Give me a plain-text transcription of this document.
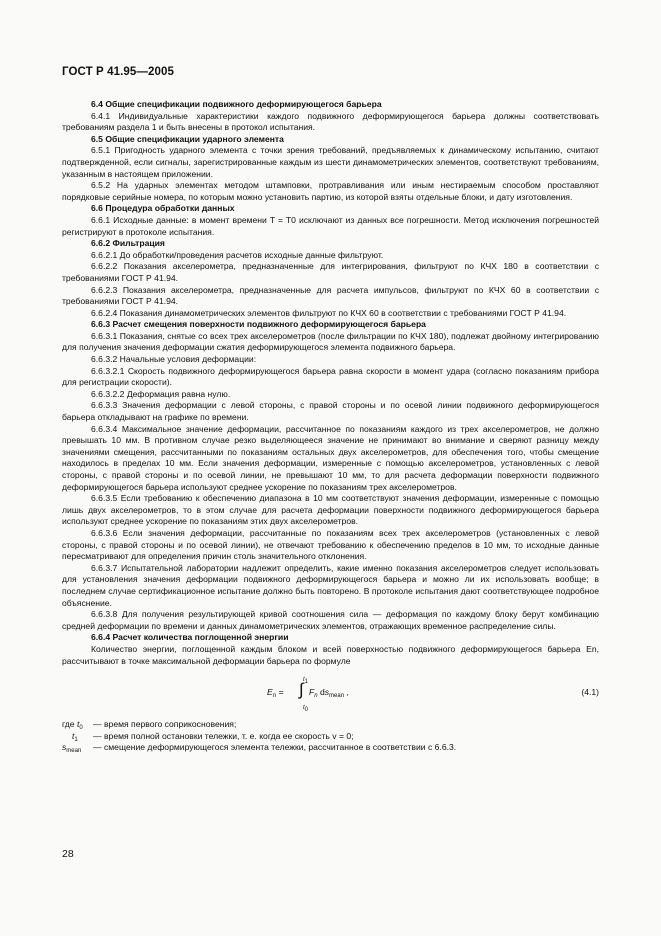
ГОСТ Р 41.95—2005

6.4 Общие спецификации подвижного деформирующегося барьера

6.4.1 Индивидуальные характеристики каждого подвижного деформирующегося барьера должны соответствовать требованиям раздела 1 и быть внесены в протокол испытания.

6.5 Общие спецификации ударного элемента

6.5.1 Пригодность ударного элемента с точки зрения требований, предъявляемых к динамическому испытанию, считают подтвержденной, если сигналы, зарегистрированные каждым из шести динамометрических элементов, соответствуют требованиям, указанным в настоящем приложении.

6.5.2 На ударных элементах методом штамповки, протравливания или иным нестираемым способом проставляют порядковые серийные номера, по которым можно установить партию, из которой взяты отдельные блоки, и дату изготовления.

6.6 Процедура обработки данных

6.6.1 Исходные данные: в момент времени T = T0 исключают из данных все погрешности. Метод исключения погрешностей регистрируют в протоколе испытания.

6.6.2 Фильтрация

6.6.2.1 До обработки/проведения расчетов исходные данные фильтруют.

6.6.2.2 Показания акселерометра, предназначенные для интегрирования, фильтруют по КЧХ 180 в соответствии с требованиями ГОСТ Р 41.94.

6.6.2.3 Показания акселерометра, предназначенные для расчета импульсов, фильтруют по КЧХ 60 в соответствии с требованиями ГОСТ Р 41.94.

6.6.2.4 Показания динамометрических элементов фильтруют по КЧХ 60 в соответствии с требованиями ГОСТ Р 41.94.

6.6.3 Расчет смещения поверхности подвижного деформирующегося барьера

6.6.3.1 Показания, снятые со всех трех акселерометров (после фильтрации по КЧХ 180), подлежат двойному интегрированию для получения значения деформации сжатия деформирующегося элемента подвижного барьера.

6.6.3.2 Начальные условия деформации:

6.6.3.2.1 Скорость подвижного деформирующегося барьера равна скорости в момент удара (согласно показаниям прибора для регистрации скорости).

6.6.3.2.2 Деформация равна нулю.

6.6.3.3 Значения деформации с левой стороны, с правой стороны и по осевой линии подвижного деформирующегося барьера откладывают на графике по времени.

6.6.3.4 Максимальное значение деформации, рассчитанное по показаниям каждого из трех акселерометров, не должно превышать 10 мм. В противном случае резко выделяющееся значение не принимают во внимание и сверяют разницу между значениями смещения, рассчитанными по показаниям остальных двух акселерометров, для обеспечения того, чтобы смещение находилось в пределах 10 мм. Если значения деформации, измеренные с помощью акселерометров, установленных с левой стороны, с правой стороны и по осевой линии, не превышают 10 мм, то для расчета деформации поверхности подвижного деформирующегося барьера используют среднее ускорение по показаниям трех акселерометров.

6.6.3.5 Если требованию к обеспечению диапазона в 10 мм соответствуют значения деформации, измеренные с помощью лишь двух акселерометров, то в этом случае для расчета деформации поверхности подвижного деформирующегося барьера используют среднее ускорение по показаниям этих двух акселерометров.

6.6.3.6 Если значения деформации, рассчитанные по показаниям всех трех акселерометров (установленных с левой стороны, с правой стороны и по осевой линии), не отвечают требованию к обеспечению пределов в 10 мм, то исходные данные пересматривают для определения причин столь значительного отклонения.

6.6.3.7 Испытательной лаборатории надлежит определить, какие именно показания акселерометров следует использовать для установления значения деформации подвижного деформирующегося барьера и можно ли их использовать вообще; в последнем случае сертификационное испытание должно быть повторено. В протоколе испытания дают соответствующее подробное объяснение.

6.6.3.8 Для получения результирующей кривой соотношения сила — деформация по каждому блоку берут комбинацию средней деформации по времени и данных динамометрических элементов, отражающих временное распределение силы.

6.6.4 Расчет количества поглощенной энергии

Количество энергии, поглощенной каждым блоком и всей поверхностью подвижного деформирующегося барьера En, рассчитывают в точке максимальной деформации барьера по формуле

$E_n$ =
$t_1$
∫
$t_0$
$F_n$ $ds_{mean}$ ,	(4.1)
где $t_0$	— время первого соприкосновения;
$t_1$	— время полной остановки тележки, т. е. когда ее скорость v = 0;
$s_{mean}$	— смещение деформирующегося элемента тележки, рассчитанное в соответствии с 6.6.3.
28
